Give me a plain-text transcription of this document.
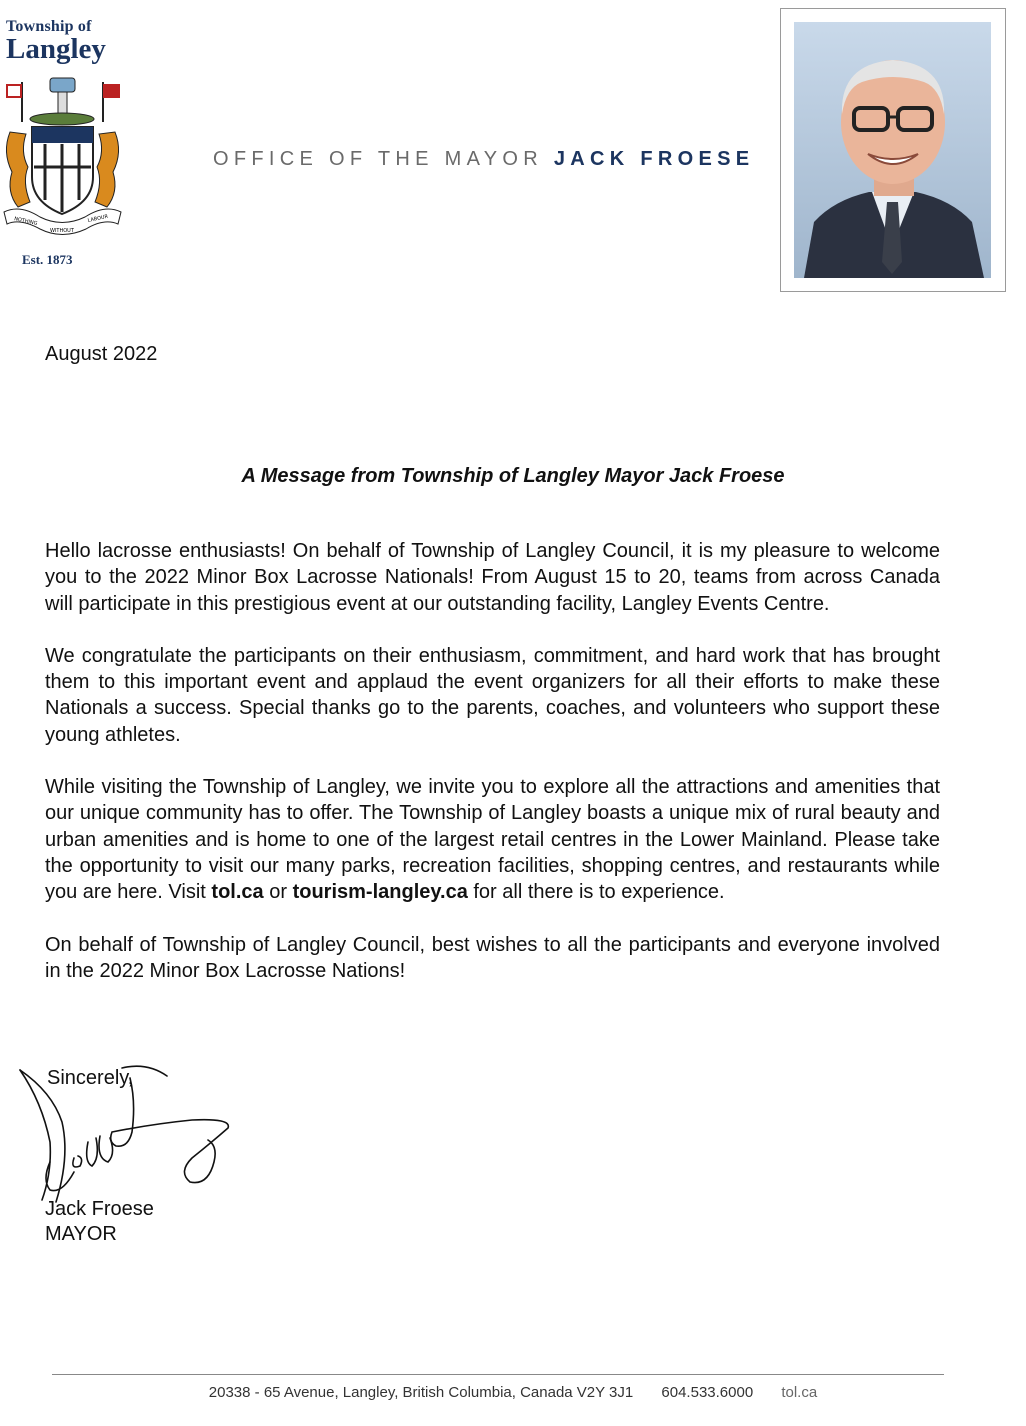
Township of
Langley
NOTHING
WITHOUT
LABOUR
Est. 1873
OFFICE OF THE MAYOR JACK FROESE
August 2022
A Message from Township of Langley Mayor Jack Froese

Hello lacrosse enthusiasts! On behalf of Township of Langley Council, it is my pleasure to welcome you to the 2022 Minor Box Lacrosse Nationals! From August 15 to 20, teams from across Canada will participate in this prestigious event at our outstanding facility, Langley Events Centre.

We congratulate the participants on their enthusiasm, commitment, and hard work that has brought them to this important event and applaud the event organizers for all their efforts to make these Nationals a success. Special thanks go to the parents, coaches, and volunteers who support these young athletes.

While visiting the Township of Langley, we invite you to explore all the attractions and amenities that our unique community has to offer. The Township of Langley boasts a unique mix of rural beauty and urban amenities and is home to one of the largest retail centres in the Lower Mainland. Please take the opportunity to visit our many parks, recreation facilities, shopping centres, and restaurants while you are here. Visit tol.ca or tourism-langley.ca for all there is to experience.

On behalf of Township of Langley Council, best wishes to all the participants and everyone involved in the 2022 Minor Box Lacrosse Nations!

Sincerely,
Jack Froese
MAYOR
20338 - 65 Avenue, Langley, British Columbia, Canada V2Y 3J1 604.533.6000 tol.ca
